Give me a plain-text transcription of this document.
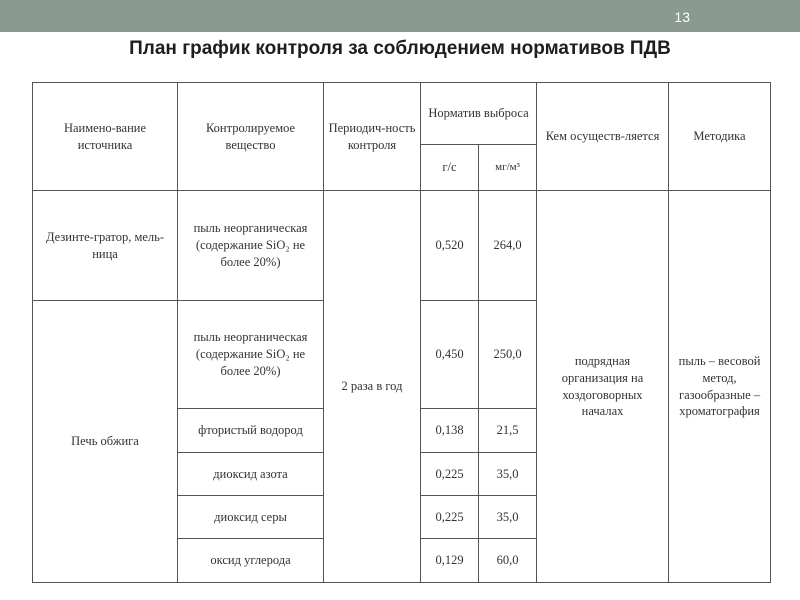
13
План график контроля за соблюдением нормативов ПДВ
Наимено-вание источника	Контролируемое вещество	Периодич-ность контроля	Норматив выброса		Кем осуществ-ляется	Методика
			г/с	мг/м³		
Дезинте-гратор, мель-ница	пыль неорганическая (содержание SiO₂ не более 20%)	2 раза в год	0,520	264,0	подрядная организация на хоздоговорных началах	пыль – весовой метод, газообразные – хроматография
Печь обжига	пыль неорганическая (содержание SiO₂ не более 20%)		0,450	250,0		
	фтористый водород		0,138	21,5		
	диоксид азота		0,225	35,0		
	диоксид серы		0,225	35,0		
	оксид углерода		0,129	60,0		
